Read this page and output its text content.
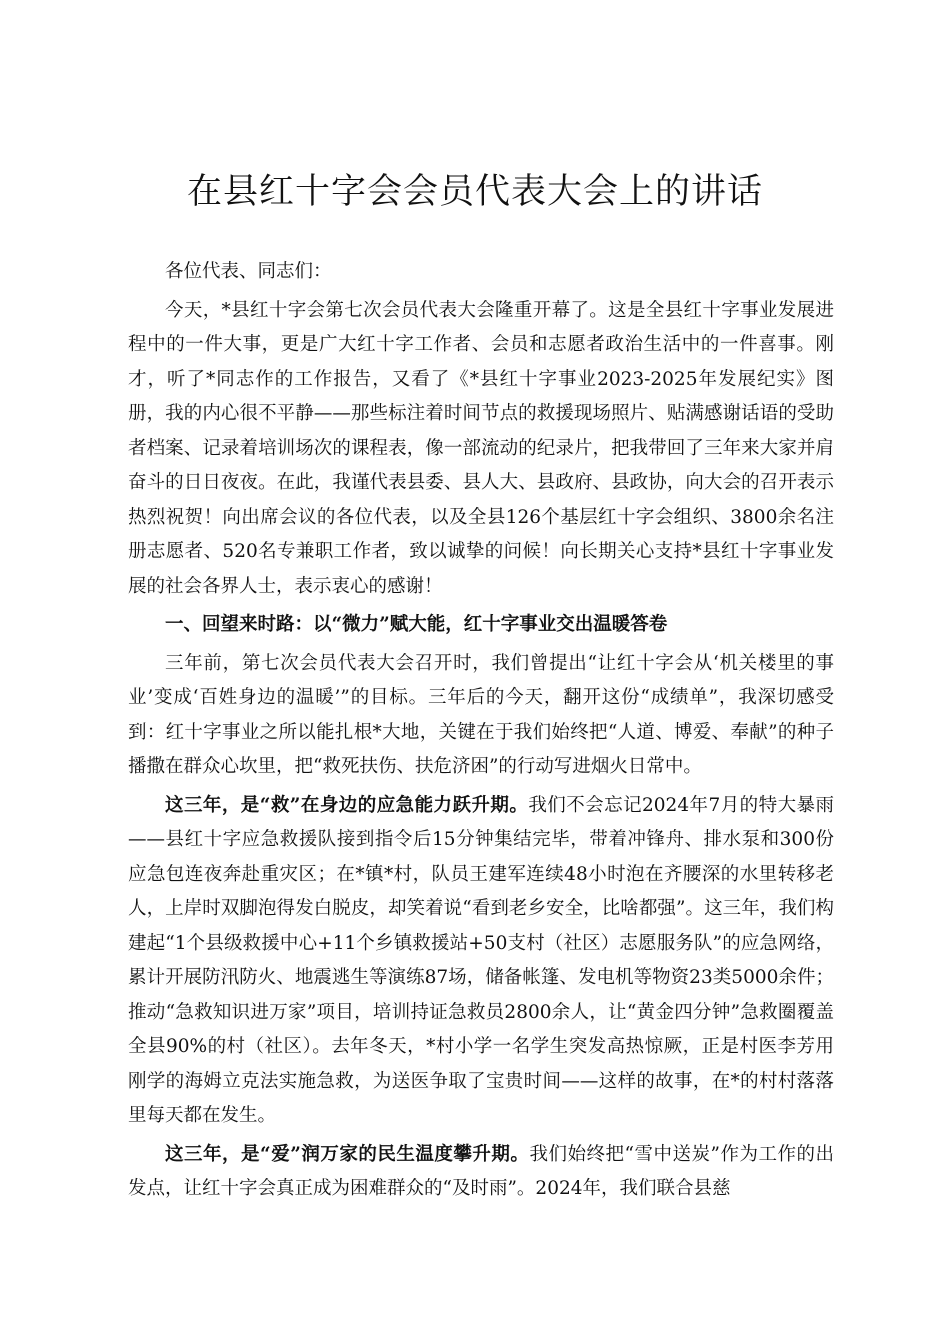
在县红十字会会员代表大会上的讲话

各位代表、同志们：

今天，*县红十字会第七次会员代表大会隆重开幕了。这是全县红十字事业发展进程中的一件大事，更是广大红十字工作者、会员和志愿者政治生活中的一件喜事。刚才，听了*同志作的工作报告，又看了《*县红十字事业2023-2025年发展纪实》图册，我的内心很不平静——那些标注着时间节点的救援现场照片、贴满感谢话语的受助者档案、记录着培训场次的课程表，像一部流动的纪录片，把我带回了三年来大家并肩奋斗的日日夜夜。在此，我谨代表县委、县人大、县政府、县政协，向大会的召开表示热烈祝贺！向出席会议的各位代表，以及全县126个基层红十字会组织、3800余名注册志愿者、520名专兼职工作者，致以诚挚的问候！向长期关心支持*县红十字事业发展的社会各界人士，表示衷心的感谢！

一、回望来时路：以“微力”赋大能，红十字事业交出温暖答卷

三年前，第七次会员代表大会召开时，我们曾提出“让红十字会从‘机关楼里的事业’变成‘百姓身边的温暖’”的目标。三年后的今天，翻开这份“成绩单”，我深切感受到：红十字事业之所以能扎根*大地，关键在于我们始终把“人道、博爱、奉献”的种子播撒在群众心坎里，把“救死扶伤、扶危济困”的行动写进烟火日常中。

这三年，是“救”在身边的应急能力跃升期。我们不会忘记2024年7月的特大暴雨——县红十字应急救援队接到指令后15分钟集结完毕，带着冲锋舟、排水泵和300份应急包连夜奔赴重灾区；在*镇*村，队员王建军连续48小时泡在齐腰深的水里转移老人，上岸时双脚泡得发白脱皮，却笑着说“看到老乡安全，比啥都强”。这三年，我们构建起“1个县级救援中心+11个乡镇救援站+50支村（社区）志愿服务队”的应急网络，累计开展防汛防火、地震逃生等演练87场，储备帐篷、发电机等物资23类5000余件；推动“急救知识进万家”项目，培训持证急救员2800余人，让“黄金四分钟”急救圈覆盖全县90%的村（社区）。去年冬天，*村小学一名学生突发高热惊厥，正是村医李芳用刚学的海姆立克法实施急救，为送医争取了宝贵时间——这样的故事，在*的村村落落里每天都在发生。

这三年，是“爱”润万家的民生温度攀升期。我们始终把“雪中送炭”作为工作的出发点，让红十字会真正成为困难群众的“及时雨”。2024年，我们联合县慈
